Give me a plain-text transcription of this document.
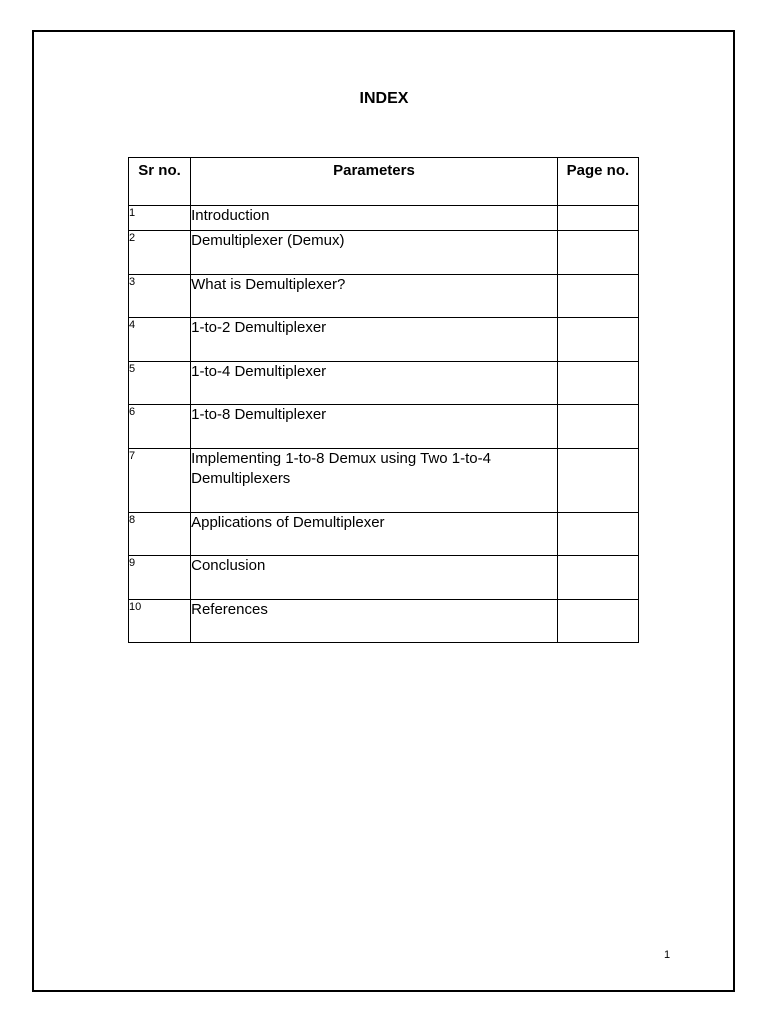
INDEX
Sr no.	Parameters	Page no.
1	Introduction	
2	Demultiplexer (Demux)	
3	What is Demultiplexer?	
4	1-to-2 Demultiplexer	
5	1-to-4 Demultiplexer	
6	1-to-8 Demultiplexer	
7	Implementing 1-to-8 Demux using Two 1-to-4 Demultiplexers	
8	Applications of Demultiplexer	
9	Conclusion	
10	References	
1
